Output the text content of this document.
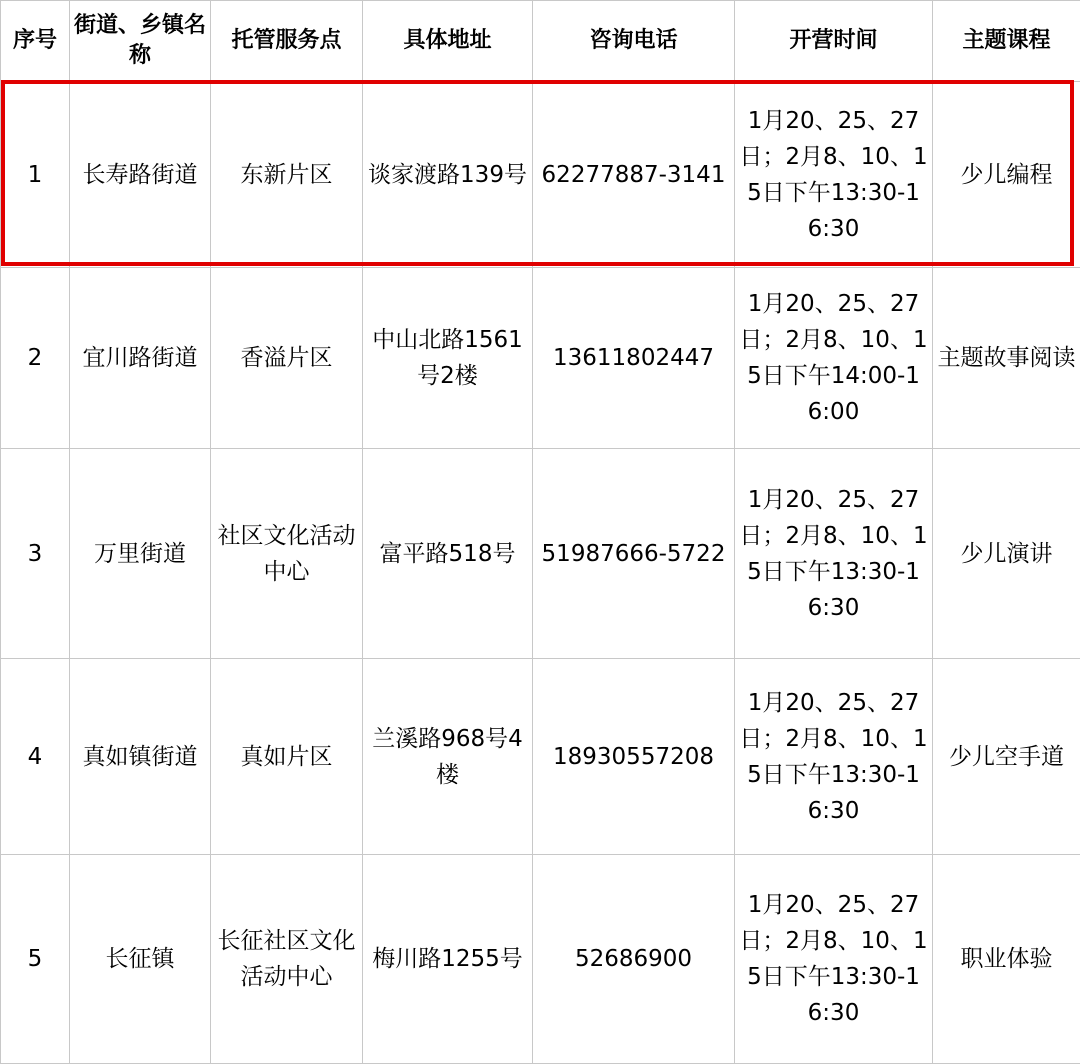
序号	街道、乡镇名称	托管服务点	具体地址	咨询电话	开营时间	主题课程
1	长寿路街道	东新片区	谈家渡路139号	62277887-3141	1月20、25、27日；2月8、10、15日下午13:30-16:30	少儿编程
2	宜川路街道	香溢片区	中山北路1561号2楼	13611802447	1月20、25、27日；2月8、10、15日下午14:00-16:00	主题故事阅读
3	万里街道	社区文化活动中心	富平路518号	51987666-5722	1月20、25、27日；2月8、10、15日下午13:30-16:30	少儿演讲
4	真如镇街道	真如片区	兰溪路968号4楼	18930557208	1月20、25、27日；2月8、10、15日下午13:30-16:30	少儿空手道
5	长征镇	长征社区文化活动中心	梅川路1255号	52686900	1月20、25、27日；2月8、10、15日下午13:30-16:30	职业体验
